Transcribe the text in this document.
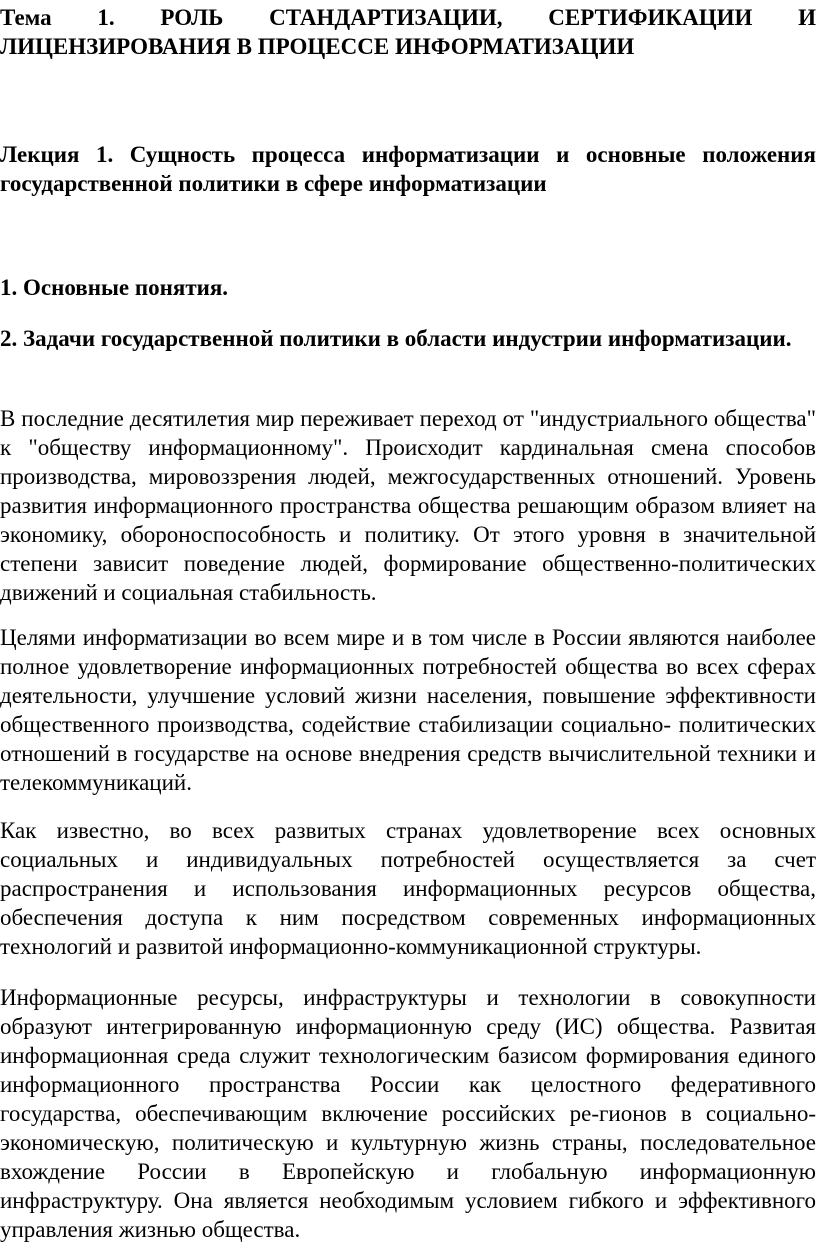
Тема 1. РОЛЬ СТАНДАРТИЗАЦИИ, СЕРТИФИКАЦИИ И ЛИЦЕНЗИРОВАНИЯ В ПРОЦЕССЕ ИНФОРМАТИЗАЦИИ
Лекция 1. Сущность процесса информатизации и основные положения государственной политики в сфере информатизации
1. Основные понятия.
2. Задачи государственной политики в области индустрии информатизации.

В последние десятилетия мир переживает переход от "индустриального общества" к "обществу информационному". Происходит кардинальная смена способов производства, мировоззрения людей, межгосударственных отношений. Уровень развития информационного пространства общества решающим образом влияет на экономику, обороноспособность и политику. От этого уровня в значительной степени зависит поведение людей, формирование общественно-политических движений и социальная стабильность.

Целями информатизации во всем мире и в том числе в России являются наиболее полное удовлетворение информационных потребностей общества во всех сферах деятельности, улучшение условий жизни населения, повышение эффективности общественного производства, содействие стабилизации социально- политических отношений в государстве на основе внедрения средств вычислительной техники и телекоммуникаций.

Как известно, во всех развитых странах удовлетворение всех основных социальных и индивидуальных потребностей осуществляется за счет распространения и использования информационных ресурсов общества, обеспечения доступа к ним посредством современных информационных технологий и развитой информационно-коммуникационной структуры.

Информационные ресурсы, инфраструктуры и технологии в совокупности образуют интегрированную информационную среду (ИС) общества. Развитая информационная среда служит технологическим базисом формирования единого информационного пространства России как целостного федеративного государства, обеспечивающим включение российских ре-гионов в социально-экономическую, политическую и культурную жизнь страны, последовательное вхождение России в Европейскую и глобальную информационную инфраструктуру. Она является необходимым условием гибкого и эффективного управления жизнью общества.
